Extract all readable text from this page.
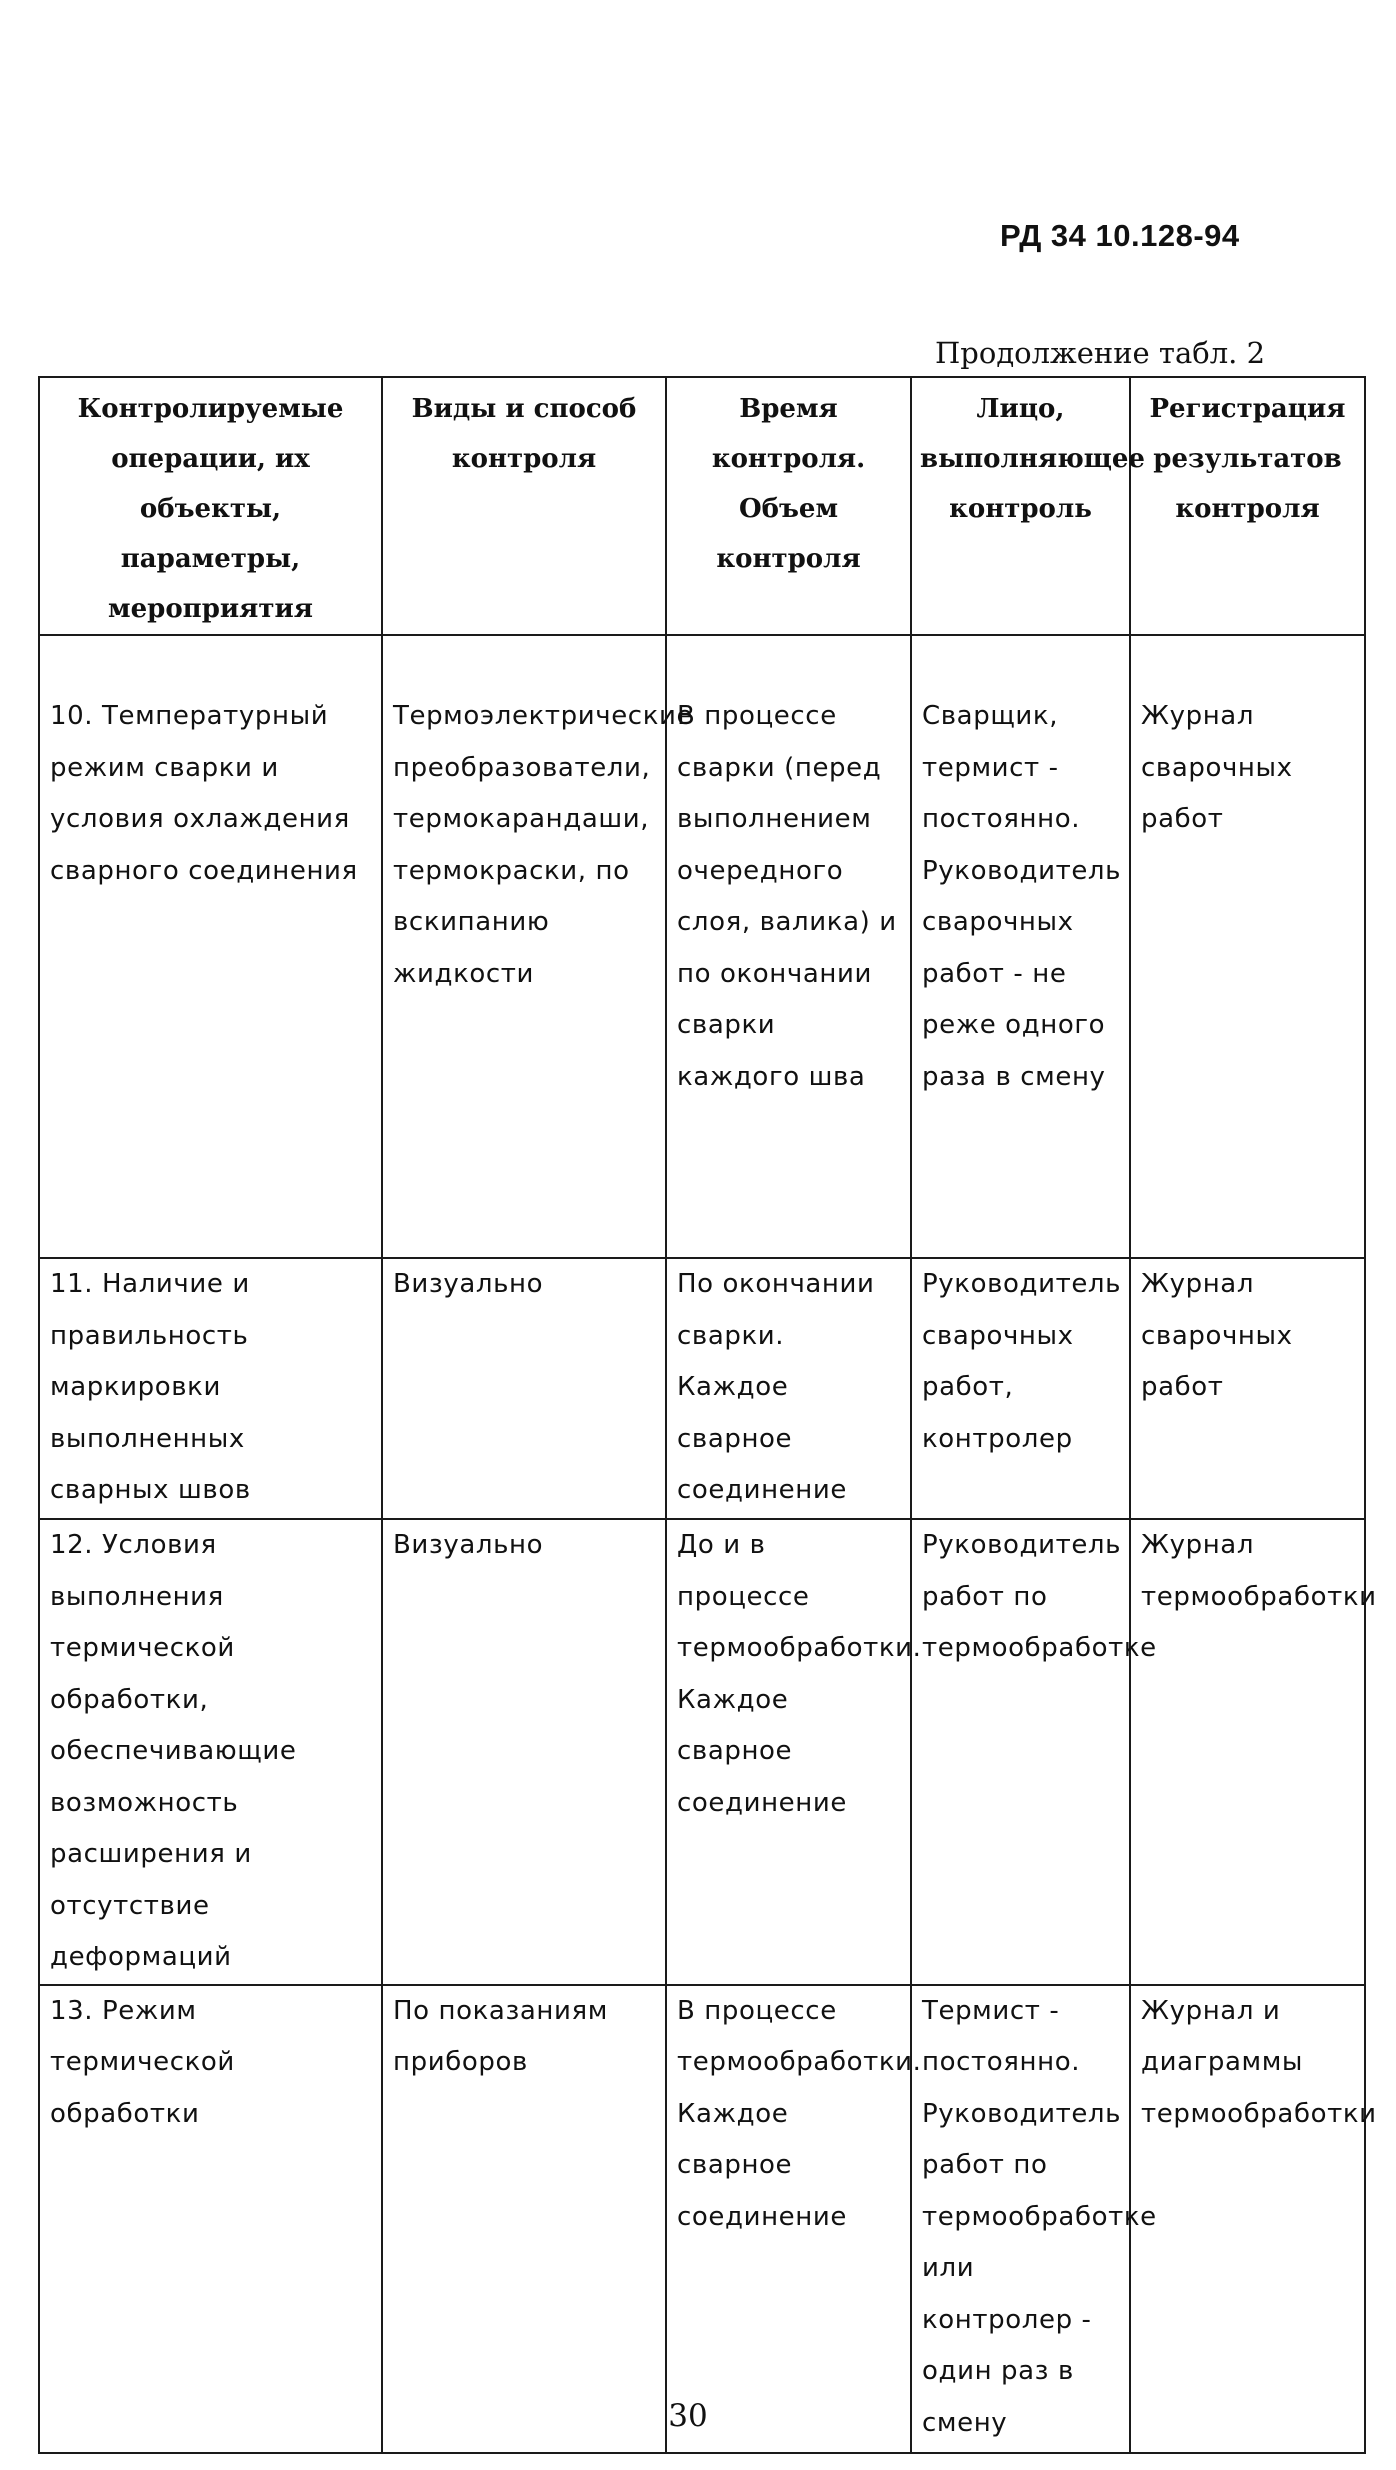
РД 34 10.128-94
Продолжение табл. 2
Контролируемые операции, их объекты, параметры, мероприятия	Виды и способ контроля	Время контроля. Объем контроля	Лицо, выполняющее контроль	Регистрация результатов контроля
10. Температурный режим сварки и условия охлаждения сварного соединения	Термоэлектрические преобразователи, термокарандаши, термокраски, по вскипанию жидкости	В процессе сварки (перед выполнением очередного слоя, валика) и по окончании сварки каждого шва	Сварщик, термист - постоянно. Руководитель сварочных работ - не реже одного раза в смену	Журнал сварочных работ
11. Наличие и правильность маркировки выполненных сварных швов	Визуально	По окончании сварки. Каждое сварное соединение	Руководитель сварочных работ, контролер	Журнал сварочных работ
12. Условия выполнения термической обработки, обеспечивающие возможность расширения и отсутствие деформаций	Визуально	До и в процессе термообработки. Каждое сварное соединение	Руководитель работ по термообработке	Журнал термообработки
13. Режим термической обработки	По показаниям приборов	В процессе термообработки. Каждое сварное соединение	Термист - постоянно. Руководитель работ по термообработке или контролер - один раз в смену	Журнал и диаграммы термообработки
30
